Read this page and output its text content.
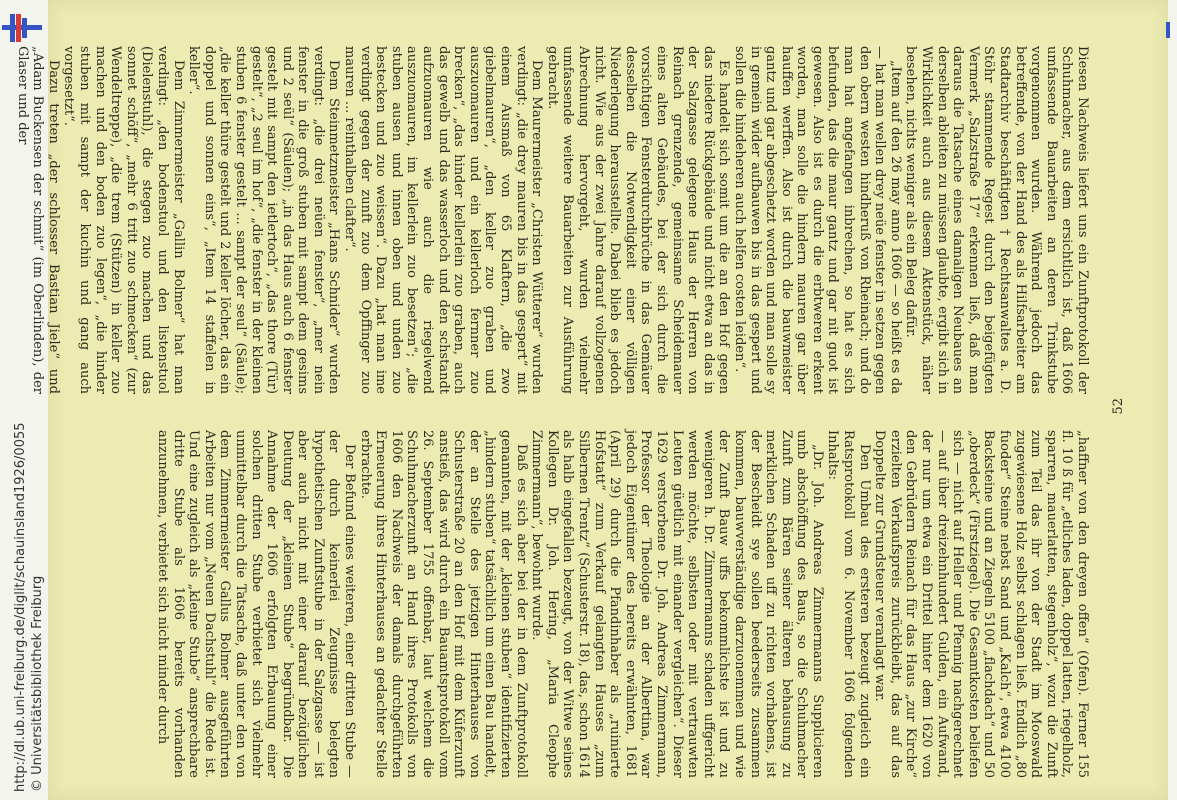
http://dl.ub.uni-freiburg.de/diglit/schauinsland1926/0055 © Universitätsbibliothek Freiburg
52

Diesen Nachweis liefert uns ein Zunftprotokoll der Schuhmacher, aus dem ersichtlich ist, daß 1606 umfassende Bauarbeiten an deren Trinkstube vorgenommen wurden. Während jedoch das betreffende, von der Hand des als Hilfsarbeiter am Stadtarchiv beschäftigten † Rechtsanwaltes a. D. Stöhr stammende Regest durch den beigefügten Vermerk „Salzstraße 17“ erkennen ließ, daß man daraus die Tatsache eines damaligen Neubaues an derselben ableiten zu müssen glaubte, ergibt sich in Wirklichkeit auch aus diesem Aktenstück, näher besehen, nichts weniger als ein Beleg dafür.

„Item auf den 26 may anno 1606 — so heißt es da — hat man wellen drey neüe fenster in setzen gegen den obern westen hindheruß von Rheinach; und do man hat angefangen inbrechen, so hat es sich befunden, das die maur gantz und gar nit guot ist gewesen. Also ist es durch die erbtweren erkent worden, man solle die hindern mauren gar über hauffen werffen. Also ist durch die bauwmeister gantz und gar abgeschetzt worden und man solle sy in gemein wider aufbauwen bis in das gespert und sollen die hindeheren auch helfen costen leiden“.

Es handelt sich somit um die an den Hof gegen das niedere Rückgebäude und nicht etwa an das in der Salzgasse gelegene Haus der Herren von Reinach grenzende, gemeinsame Scheidemauer eines alten Gebäudes, bei der sich durch die vorsichtigen Fensterdurchbrüche in das Gemäuer desselben die Notwendigkeit einer völligen Niederlegung herausstellte. Dabei blieb es jedoch nicht. Wie aus der zwei Jahre darauf vollzogenen Abrechnung hervorgeht, wurden vielmehr umfassende weitere Bauarbeiten zur Ausführung gebracht.

Dem Maurermeister „Christen Wütterer“ wurden verdingt: „die drey mauren bis in das gespert“ mit einem Ausmaß von 65 Klaftern, „die zwo giebelmauren“, „den keller zuo graben und auszuomauren und ein kellerloch fernner zuo brecken“, „das hinder kellerlein zuo graben, auch das gewelb und das wasserloch und den schstandt aufzuomauren wie auch die riegelwend auszuomauren, im kellerlein zuo besetzen“; „die stuben ausen und innen oben und unden zuo bestecken und zuo weissen“. Dazu „hat man ime verdingt gegen der zunft zuo dem Opffinger zuo mauren ... reinthalben clafter“.

Dem Steinmetzmeister „Hans Schnider“ wurden verdingt: „die drei neüen fenster“, „mer nein fenster in die groß stuben mit sampt dem gesims und 2 seül“ (Säulen); „in das Haus auch 6 fenster gestelt mit sampt den ietlertoch“, „das thore (Tür) gestelt“, „2 seul im hof“, „die fenster in der kleinen stuben 6 fenster gestelt ... sampt der seul“ (Säule); „die keller thüre gestelt und 2 keller löcher, das ein doppel und sonnen eins“, „Item 14 staffelen in keller“.

Dem Zimmermeister „Gallin Bolmer“ hat man verdingt: „den bodenstuol und den listenstuol (Dielenstuhl), die stegen zuo machen und das sonnet schöff“, „mehr 6 tritt zuo schmecken“ (zur Wendeltreppe), „die trem (Stützen) in keller zuo machen und den boden zuo legen“, „die hinder stuben mit sampt der kuchin und gang auch vorgesetzt“.

Dazu treten „der schlosser Bastian Jiele“ und „Adam Buckensen der schmit“ (im Oberlinden), der Glaser und der

„haffner von den dreyen offen“ (Ofen). Ferner 155 fl. 10 ß für „etliches laden, doppel latten, riegelholz, sparren, mauerlatten, stegenholz“, wozu die Zunft zum Teil das ihr von der Stadt im Mooswald zugewiesene Holz selbst schlagen ließ. Endlich „80 fuoder“ Steine nebst Sand und „Kalch“, etwa 4100 Backsteine und an Ziegeln 5100 „flachdach“ und 50 „oberdeck“ (Firstziegel). Die Gesamtkosten beliefen sich — nicht auf Heller und Pfennig nachgerechnet — auf über dreizehnhundert Gulden, ein Aufwand, der nur um etwa ein Drittel hinter dem 1620 von den Gebrüdern Reinach für das Haus „zur Kirche“ erzielten Verkaufspreis zurückbleibt, das auf das Doppelte zur Grundsteuer veranlagt war.

Den Umbau des ersteren bezeugt zugleich ein Ratsprotokoll vom 6. November 1606 folgenden Inhalts:

„Dr. Joh. Andreas Zimmermanns Supplicieren umb abschöffung des Baus, so die Schuhmacher Zunft zum Bären seiner älteren behausung zu merklichen Schaden uff zu richten vorhabens, ist der Bescheidt sye sollen beederseits zusammen kommen, bauwverständige darzuonemmen und wie der Zunft Bauw uffs bekommlichste ist und zu wenigeren h. Dr. Zimmermanns schaden uffgericht werden möchte, selbsten oder mit vertrauwten Leuten güetlich mit einander vergleichen“. Dieser 1629 verstorbene Dr. Joh. Andreas Zimmermann, Professor der Theologie an der Albertina, war jedoch Eigentümer des bereits erwähnten, 1681 (April 29) durch die Pfandinhaber als „ruinierte Hofstatt“ zum Verkauf gelangten Hauses „zum Silbernen Trentz“ (Schusterstr. 18), das, schon 1614 als halb eingefallen bezeugt, von der Witwe seines Kollegen Dr. Joh. Hering, „Maria Cleophe Zimmermann“, bewohnt wurde.

Daß es sich aber bei der in dem Zunftprotokoll genannten, mit der „kleinen stuben“ identifizierten „hindern stuben“ tatsächlich um einen Bau handelt, der an Stelle des jetzigen Hinterhauses von Schusterstraße 20 an den Hof mit dem Küferzunft anstieß, das wird durch ein Bauamtsprotokoll vom 26. September 1755 offenbar, laut welchem die Schuhmacherzunft an Hand ihres Protokolls von 1606 den Nachweis der damals durchgeführten Erneuerung ihres Hinterhauses an gedachter Stelle erbrachte.

Der Befund eines weiteren, einer dritten Stube — der durch keinerlei Zeugnisse belegten hypothetischen Zunftstube in der Salzgasse — ist aber auch nicht mit einer darauf bezüglichen Deutung der „kleinen Stube“ begründbar. Die Annahme der 1606 erfolgten Erbauung einer solchen dritten Stube verbietet sich vielmehr unmittelbar durch die Tatsache, daß unter den von dem Zimmermeister Gallus Bolmer ausgeführten Arbeiten nur vom „Neuen Dachstuhl“ die Rede ist. Und eine zugleich als „kleine Stube“ ansprechbare dritte Stube als 1606 bereits vorhanden anzunehmen, verbietet sich nicht minder durch
